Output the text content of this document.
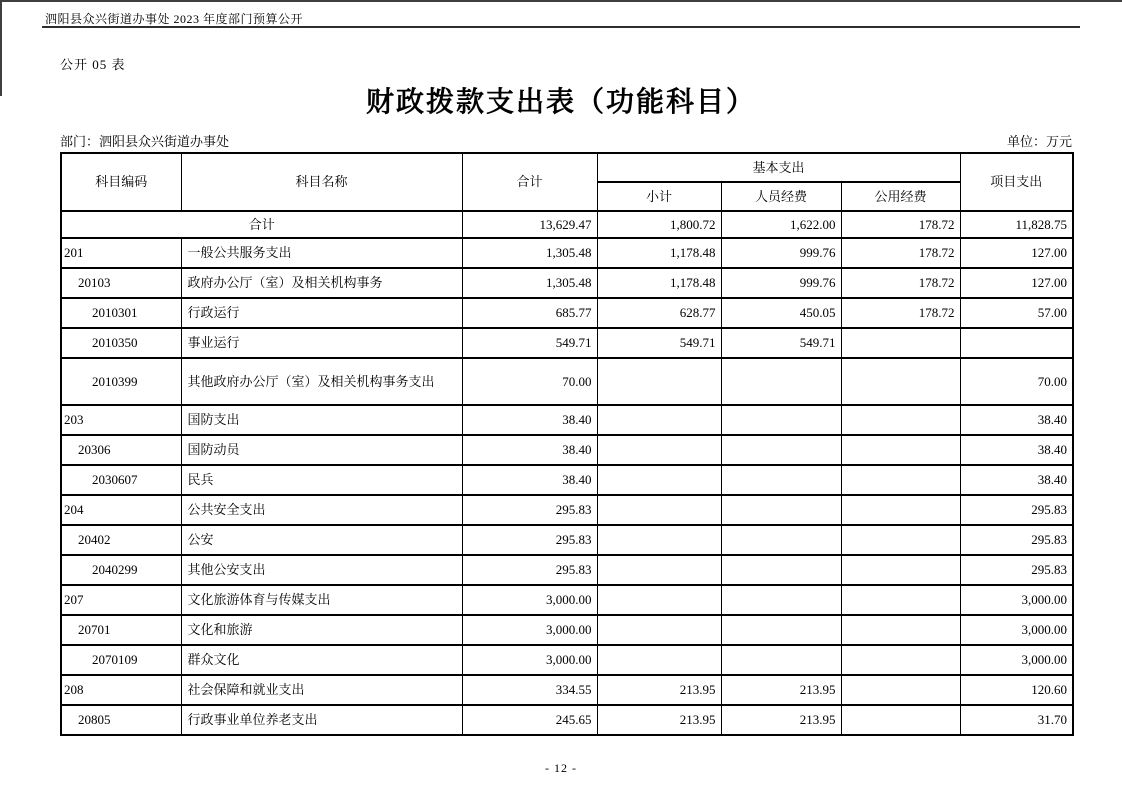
泗阳县众兴街道办事处 2023 年度部门预算公开
公开 05 表
财政拨款支出表（功能科目）
部门：泗阳县众兴街道办事处	单位：万元
科目编码	科目名称	合计	基本支出			项目支出
			小计	人员经费	公用经费	
合计		13,629.47	1,800.72	1,622.00	178.72	11,828.75
201	一般公共服务支出	1,305.48	1,178.48	999.76	178.72	127.00
20103	政府办公厅（室）及相关机构事务	1,305.48	1,178.48	999.76	178.72	127.00
2010301	行政运行	685.77	628.77	450.05	178.72	57.00
2010350	事业运行	549.71	549.71	549.71		
2010399	其他政府办公厅（室）及相关机构事务支出	70.00				70.00
203	国防支出	38.40				38.40
20306	国防动员	38.40				38.40
2030607	民兵	38.40				38.40
204	公共安全支出	295.83				295.83
20402	公安	295.83				295.83
2040299	其他公安支出	295.83				295.83
207	文化旅游体育与传媒支出	3,000.00				3,000.00
20701	文化和旅游	3,000.00				3,000.00
2070109	群众文化	3,000.00				3,000.00
208	社会保障和就业支出	334.55	213.95	213.95		120.60
20805	行政事业单位养老支出	245.65	213.95	213.95		31.70
- 12 -
